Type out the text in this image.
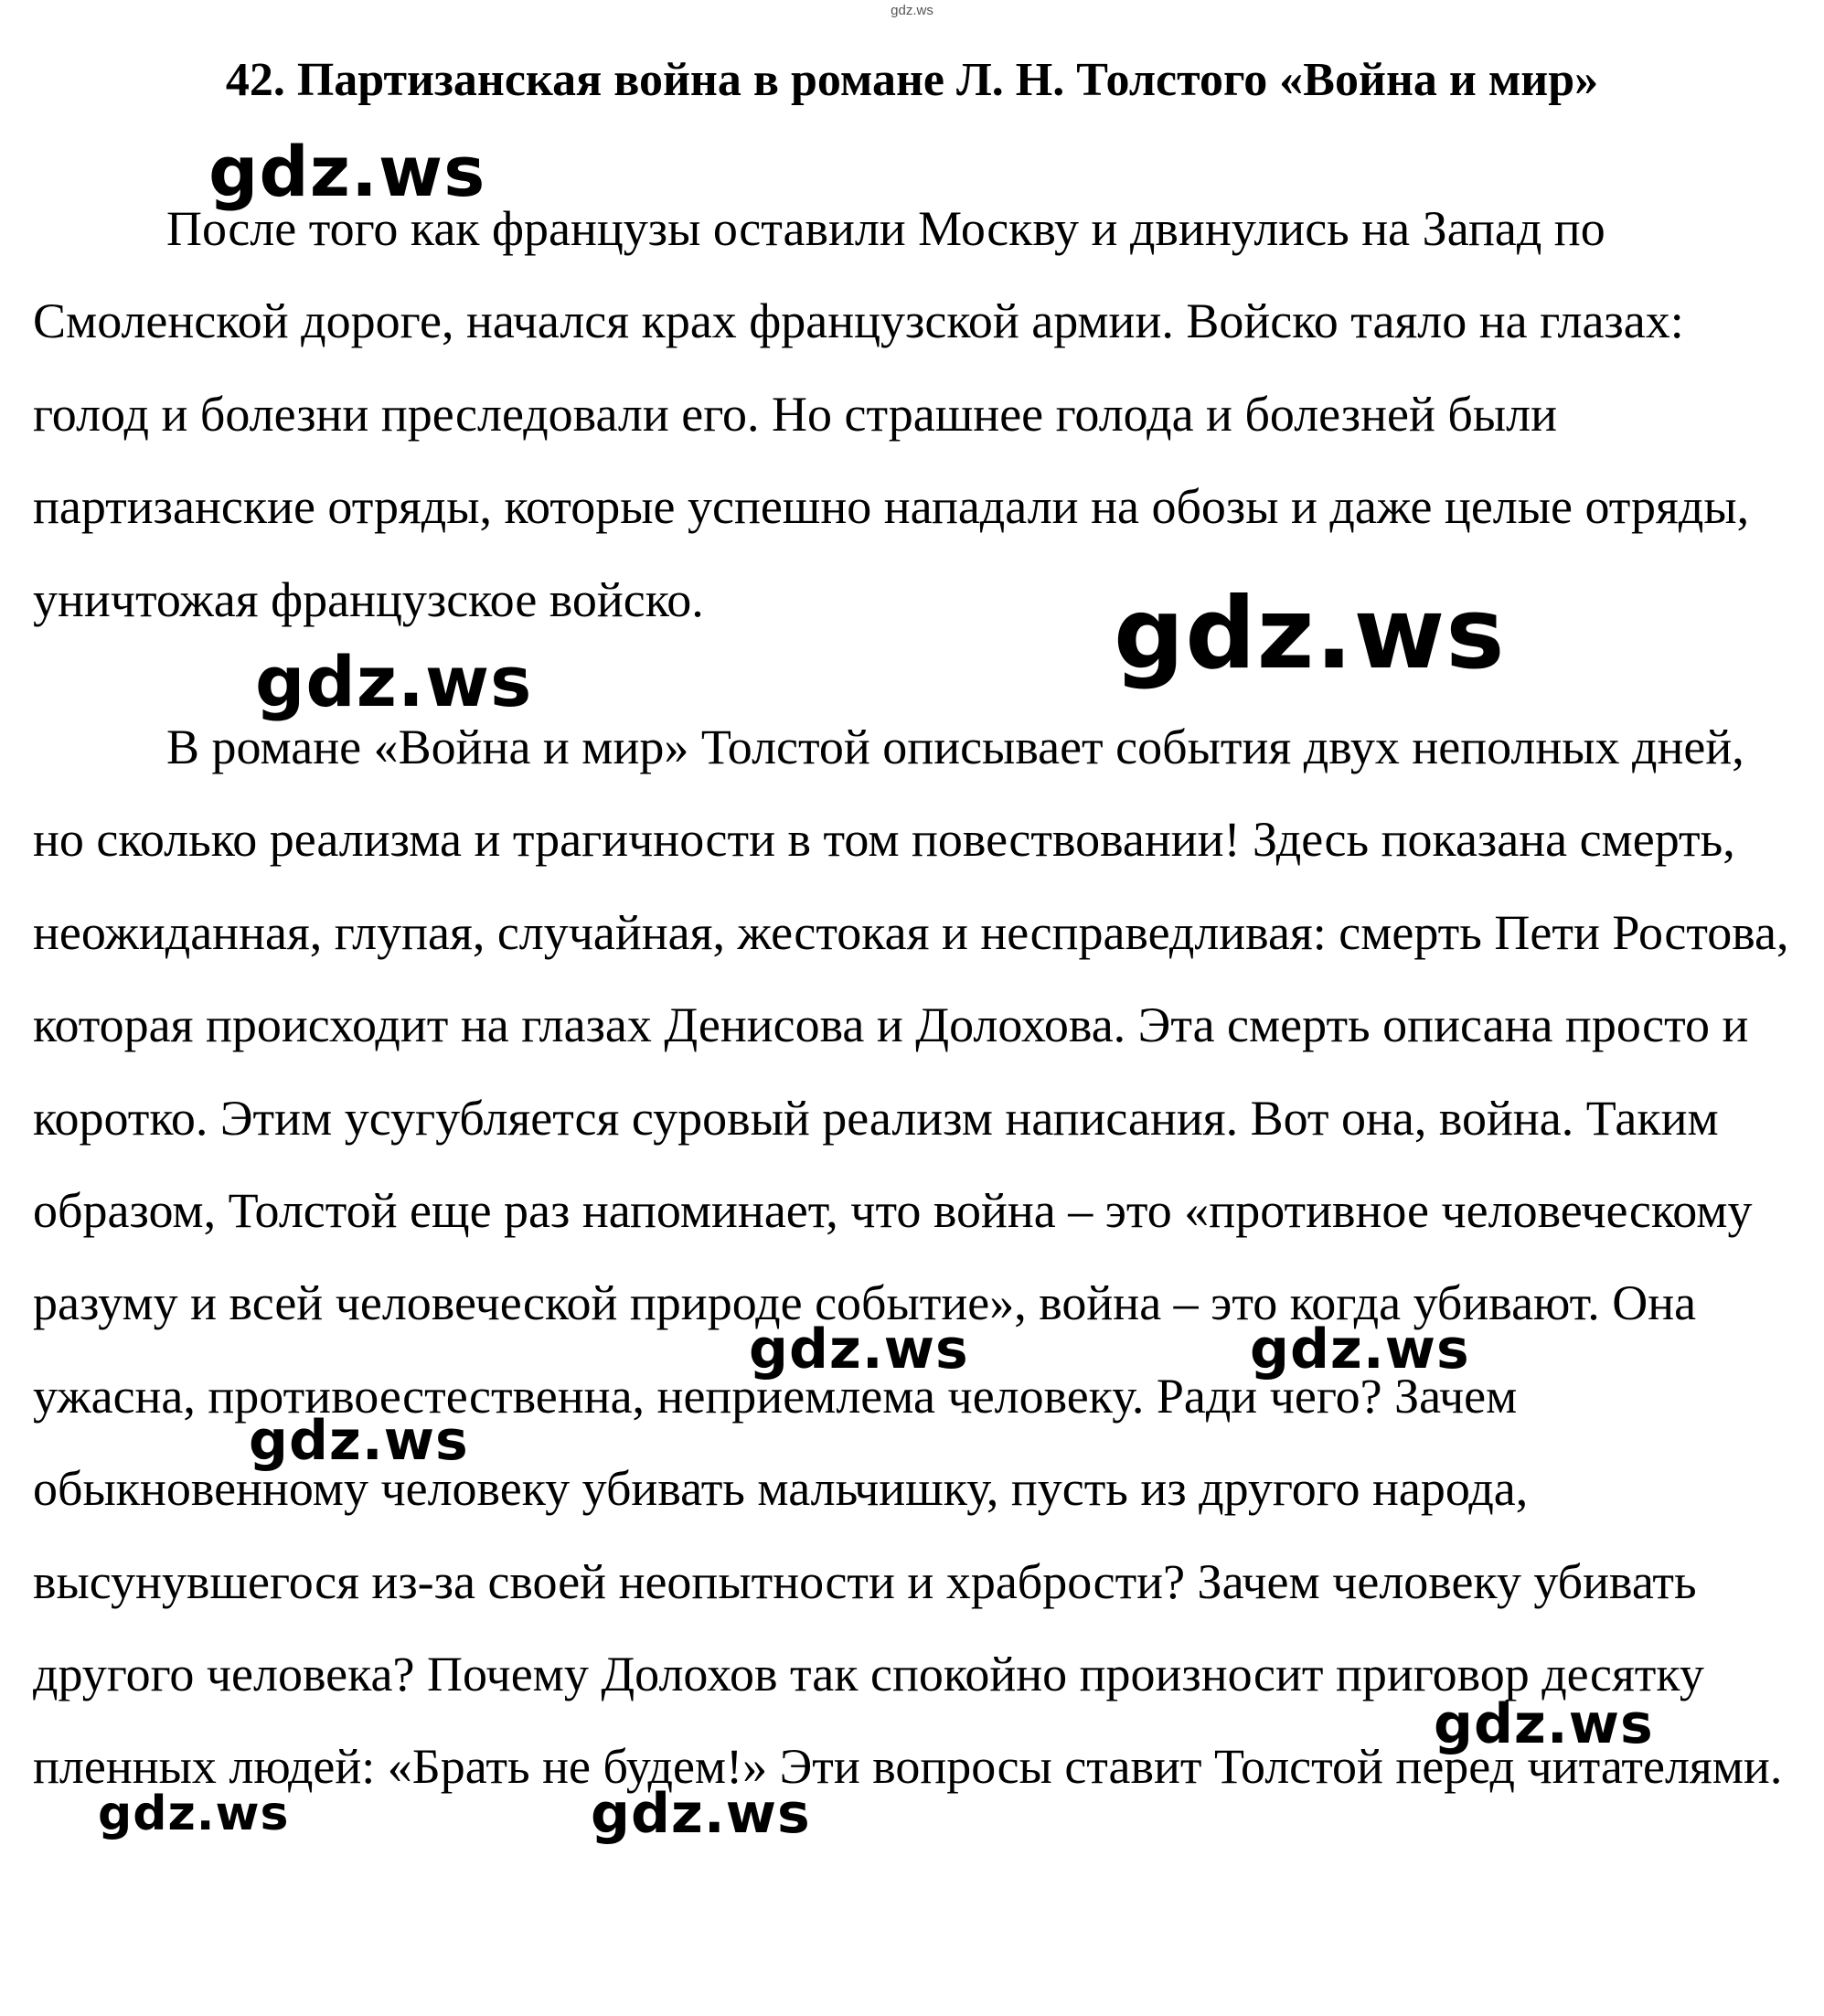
gdz.ws
42. Партизанская война в романе Л. Н. Толстого «Война и мир»

После того как французы оставили Москву и двинулись на Запад по Смоленской дороге, начался крах французской армии. Войско таяло на глазах: голод и болезни преследовали его. Но страшнее голода и болезней были партизанские отряды, которые успешно нападали на обозы и даже целые отряды, уничтожая французское войско.

В романе «Война и мир» Толстой описывает события двух неполных дней, но сколько реализма и трагичности в том повествовании! Здесь показана смерть, неожиданная, глупая, случайная, жестокая и несправедливая: смерть Пети Ростова, которая происходит на глазах Денисова и Долохова. Эта смерть описана просто и коротко. Этим усугубляется суровый реализм написания. Вот она, война. Таким образом, Толстой еще раз напоминает, что война – это «противное человеческому разуму и всей человеческой природе событие», война – это когда убивают. Она ужасна, противоестественна, неприемлема человеку. Ради чего? Зачем обыкновенному человеку убивать мальчишку, пусть из другого народа, высунувшегося из-за своей неопытности и храбрости? Зачем человеку убивать другого человека? Почему Долохов так спокойно произносит приговор десятку пленных людей: «Брать не будем!» Эти вопросы ставит Толстой перед читателями.

gdz.ws
gdz.ws
gdz.ws
gdz.ws	gdz.ws
gdz.ws
gdz.ws
gdz.ws	gdz.ws
